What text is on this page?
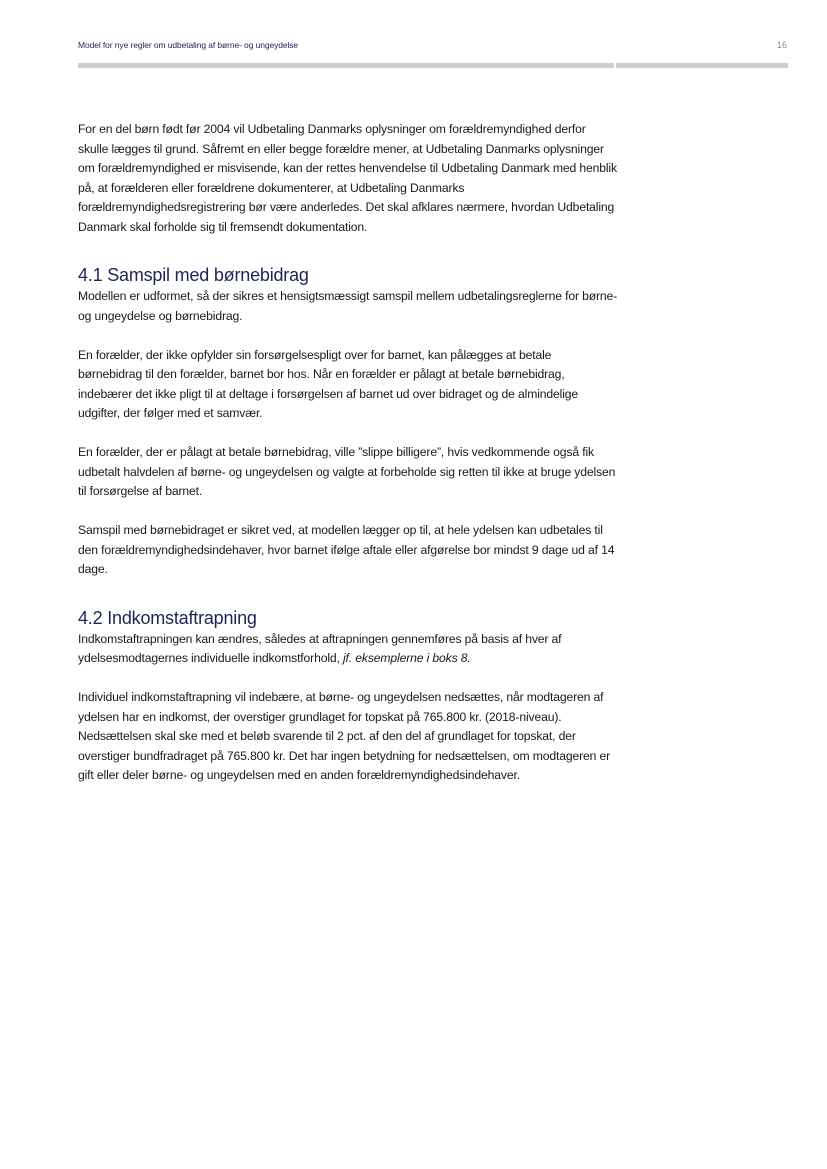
Model for nye regler om udbetaling af børne- og ungeydelse	16

For en del børn født før 2004 vil Udbetaling Danmarks oplysninger om forældremyndighed derfor skulle lægges til grund. Såfremt en eller begge forældre mener, at Udbetaling Danmarks oplysninger om forældremyndighed er misvisende, kan der rettes henvendelse til Udbetaling Danmark med henblik på, at forælderen eller forældrene dokumenterer, at Udbetaling Danmarks forældremyndighedsregistrering bør være anderledes. Det skal afklares nærmere, hvordan Udbetaling Danmark skal forholde sig til fremsendt dokumentation.

4.1 Samspil med børnebidrag

Modellen er udformet, så der sikres et hensigtsmæssigt samspil mellem udbetalingsreglerne for børne- og ungeydelse og børnebidrag.

En forælder, der ikke opfylder sin forsørgelsespligt over for barnet, kan pålægges at betale børnebidrag til den forælder, barnet bor hos. Når en forælder er pålagt at betale børnebidrag, indebærer det ikke pligt til at deltage i forsørgelsen af barnet ud over bidraget og de almindelige udgifter, der følger med et samvær.

En forælder, der er pålagt at betale børnebidrag, ville ”slippe billigere”, hvis vedkommende også fik udbetalt halvdelen af børne- og ungeydelsen og valgte at forbeholde sig retten til ikke at bruge ydelsen til forsørgelse af barnet.

Samspil med børnebidraget er sikret ved, at modellen lægger op til, at hele ydelsen kan udbetales til den forældremyndighedsindehaver, hvor barnet ifølge aftale eller afgørelse bor mindst 9 dage ud af 14 dage.

4.2 Indkomstaftrapning

Indkomstaftrapningen kan ændres, således at aftrapningen gennemføres på basis af hver af ydelsesmodtagernes individuelle indkomstforhold, jf. eksemplerne i boks 8.

Individuel indkomstaftrapning vil indebære, at børne- og ungeydelsen nedsættes, når modtageren af ydelsen har en indkomst, der overstiger grundlaget for topskat på 765.800 kr. (2018-niveau). Nedsættelsen skal ske med et beløb svarende til 2 pct. af den del af grundlaget for topskat, der overstiger bundfradraget på 765.800 kr. Det har ingen betydning for nedsættelsen, om modtageren er gift eller deler børne- og ungeydelsen med en anden forældremyndighedsindehaver.
